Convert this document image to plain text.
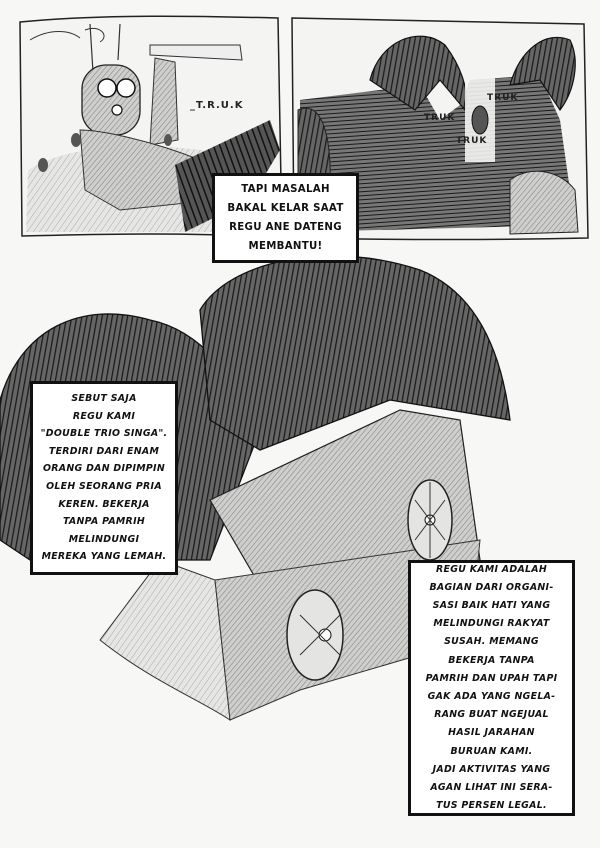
_T.R.U.K
TRUK
TRUK
TRUK
TAPI MASALAH
BAKAL KELAR SAAT
REGU ANE DATENG
MEMBANTU!
SEBUT SAJA
REGU KAMI
"DOUBLE TRIO SINGA".
TERDIRI DARI ENAM
ORANG DAN DIPIMPIN
OLEH SEORANG PRIA
KEREN. BEKERJA
TANPA PAMRIH
MELINDUNGI
MEREKA YANG LEMAH.
REGU KAMI ADALAH
BAGIAN DARI ORGANI-
SASI BAIK HATI YANG
MELINDUNGI RAKYAT
SUSAH. MEMANG
BEKERJA TANPA
PAMRIH DAN UPAH TAPI
GAK ADA YANG NGELA-
RANG BUAT NGEJUAL
HASIL JARAHAN
BURUAN KAMI.
JADI AKTIVITAS YANG
AGAN LIHAT INI SERA-
TUS PERSEN LEGAL.
